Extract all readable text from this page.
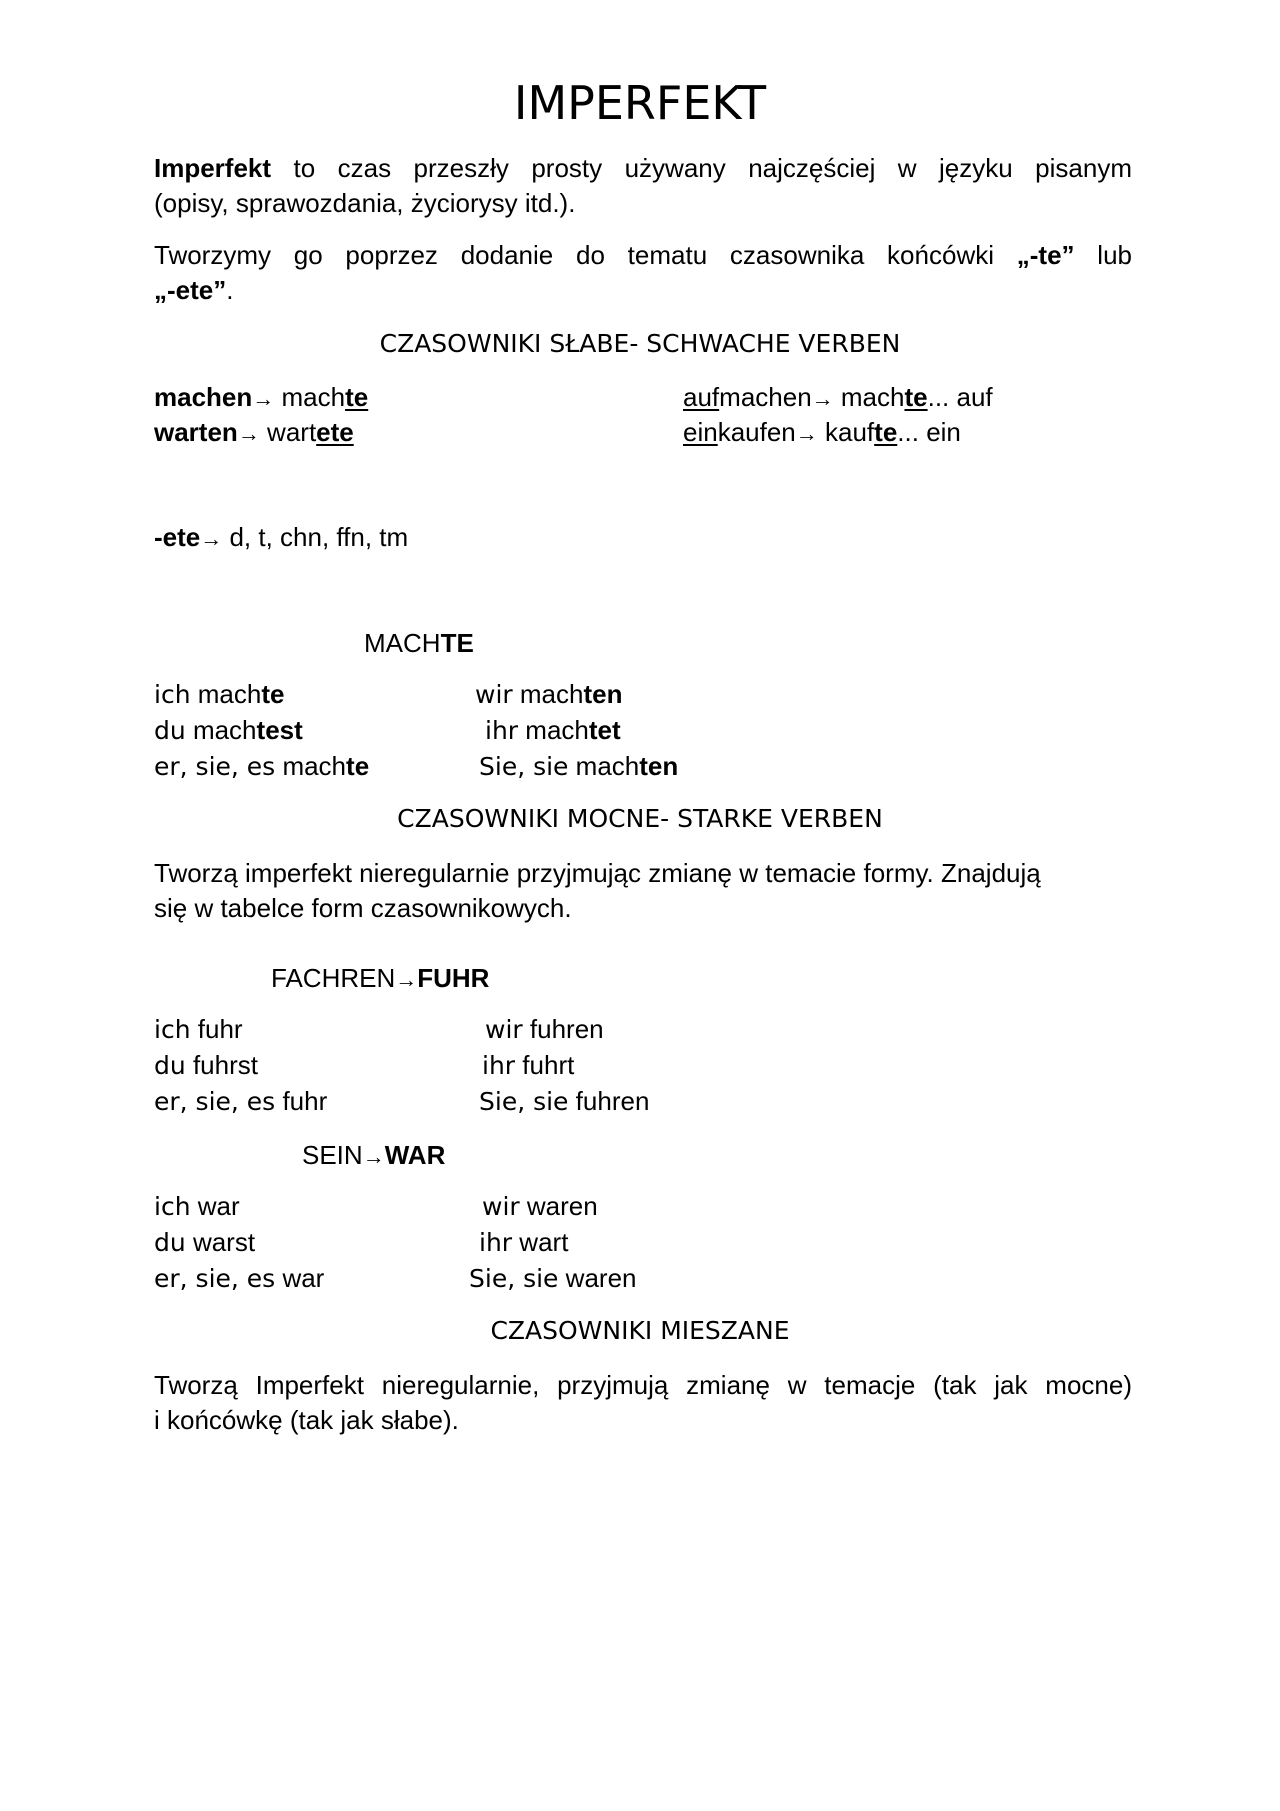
IMPERFEKT
Imperfekt to czas przeszły prosty używany najczęściej w języku pisanym
(opisy, sprawozdania, życiorysy itd.).
Tworzymy go poprzez dodanie do tematu czasownika końcówki „-te” lub
„-ete”.
CZASOWNIKI SŁABE- SCHWACHE VERBEN
machen→ machte
warten→ wartete
aufmachen→ machte... auf
einkaufen→ kaufte... ein
-ete→ d, t, chn, ffn, tm
MACHTE
ich machte
du machtest
er, sie, es machte
wir machten
ihr machtet
Sie, sie machten
CZASOWNIKI MOCNE- STARKE VERBEN
Tworzą imperfekt nieregularnie przyjmując zmianę w temacie formy. Znajdują
się w tabelce form czasownikowych.
FACHREN→FUHR
ich fuhr
du fuhrst
er, sie, es fuhr
wir fuhren
ihr fuhrt
Sie, sie fuhren
SEIN→WAR
ich war
du warst
er, sie, es war
wir waren
ihr wart
Sie, sie waren
CZASOWNIKI MIESZANE
Tworzą Imperfekt nieregularnie, przyjmują zmianę w temacje (tak jak mocne)
i końcówkę (tak jak słabe).
